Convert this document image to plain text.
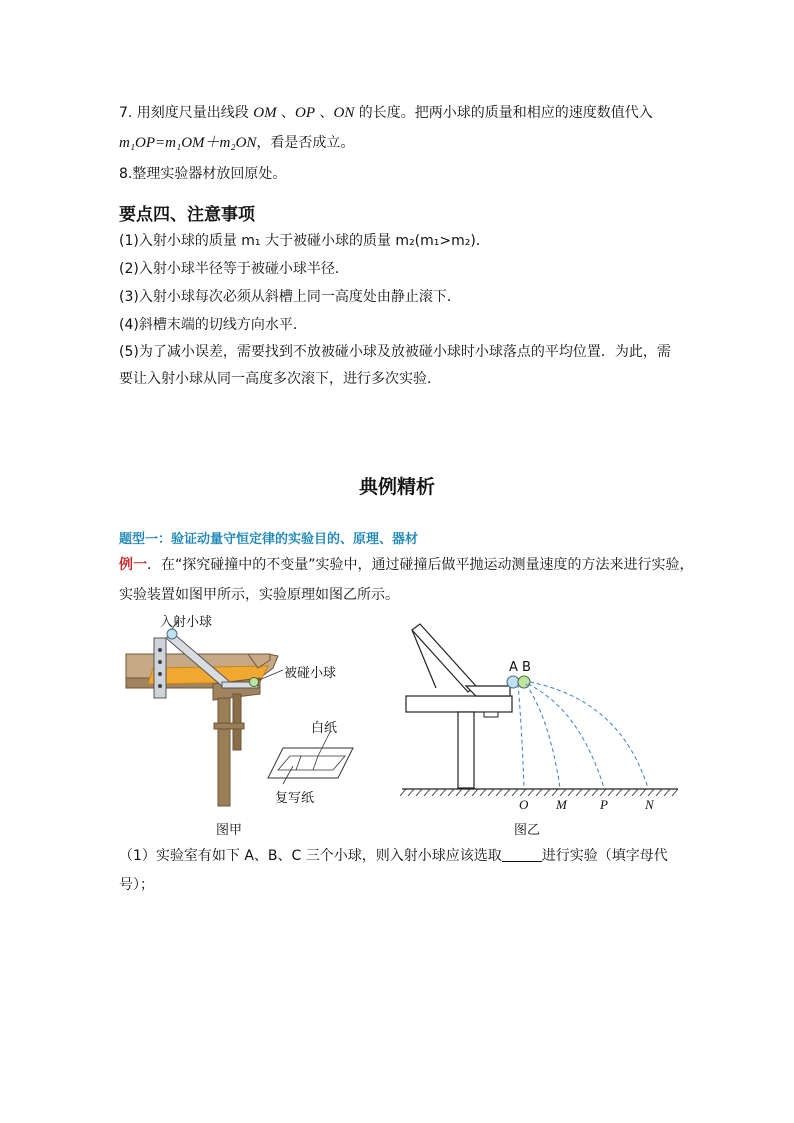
7. 用刻度尺量出线段 OM 、OP 、ON 的长度。把两小球的质量和相应的速度数值代入
m₁OP=m₁OM＋m₂ON，看是否成立。
8.整理实验器材放回原处。
要点四、注意事项
(1)入射小球的质量 m₁ 大于被碰小球的质量 m₂(m₁>m₂)．
(2)入射小球半径等于被碰小球半径．
(3)入射小球每次必须从斜槽上同一高度处由静止滚下．
(4)斜槽末端的切线方向水平．
(5)为了减小误差，需要找到不放被碰小球及放被碰小球时小球落点的平均位置．为此，需
要让入射小球从同一高度多次滚下，进行多次实验．
典例精析
题型一：验证动量守恒定律的实验目的、原理、器材
例一．在“探究碰撞中的不变量”实验中，通过碰撞后做平抛运动测量速度的方法来进行实验，
实验装置如图甲所示，实验原理如图乙所示。
入射小球
被碰小球
白纸
复写纸
图甲
A B
O M	P	N
图乙
（1）实验室有如下 A、B、C 三个小球，则入射小球应该选取	进行实验（填字母代
号）；
